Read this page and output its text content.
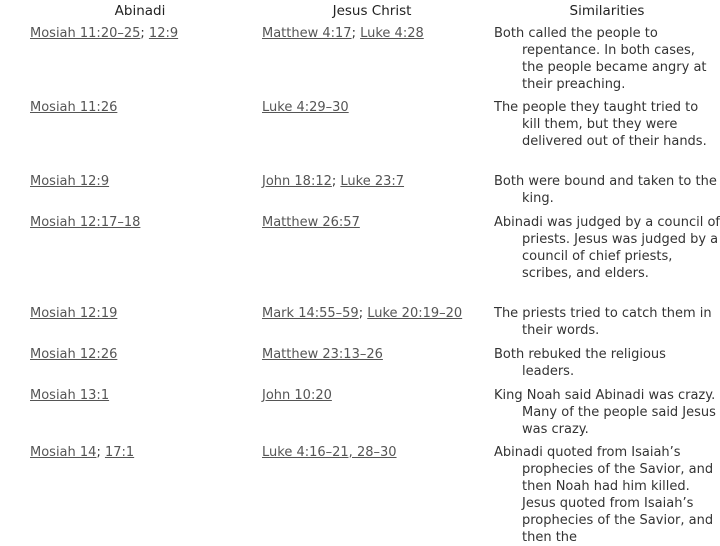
Abinadi	Jesus Christ	Similarities
Mosiah 11:20–25; 12:9	Matthew 4:17; Luke 4:28	Both called the people to repentance. In both cases, the people became angry at their preaching.
Mosiah 11:26	Luke 4:29–30	The people they taught tried to kill them, but they were delivered out of their hands.
Mosiah 12:9	John 18:12; Luke 23:7	Both were bound and taken to the king.
Mosiah 12:17–18	Matthew 26:57	Abinadi was judged by a council of priests. Jesus was judged by a council of chief priests, scribes, and elders.
Mosiah 12:19	Mark 14:55–59; Luke 20:19–20	The priests tried to catch them in their words.
Mosiah 12:26	Matthew 23:13–26	Both rebuked the religious leaders.
Mosiah 13:1	John 10:20	King Noah said Abinadi was crazy. Many of the people said Jesus was crazy.
Mosiah 14; 17:1	Luke 4:16–21, 28–30	Abinadi quoted from Isaiah’s prophecies of the Savior, and then Noah had him killed. Jesus quoted from Isaiah’s prophecies of the Savior, and then the
